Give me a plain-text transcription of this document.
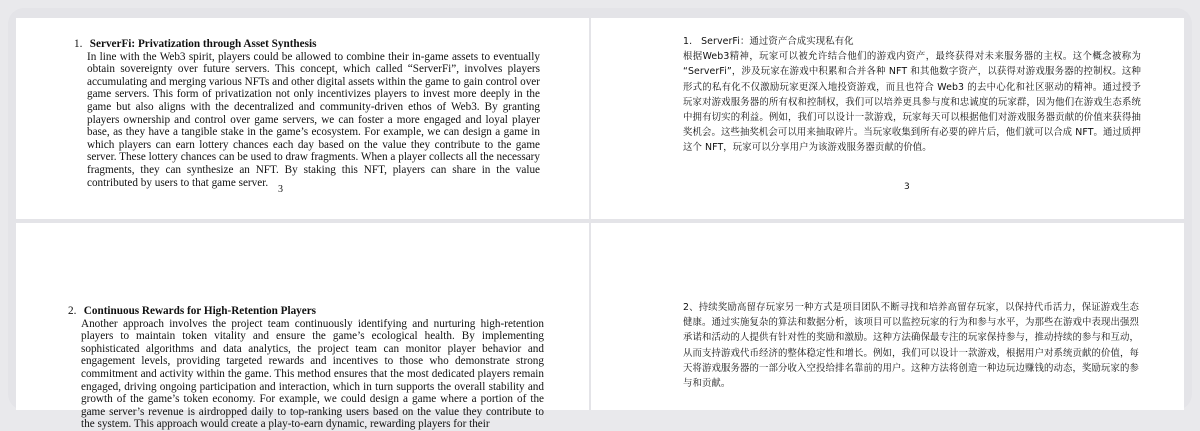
1. ServerFi: Privatization through Asset Synthesis
In line with the Web3 spirit, players could be allowed to combine their in-game assets to eventually obtain sovereignty over future servers. This concept, which called “ServerFi”, involves players accumulating and merging various NFTs and other digital assets within the game to gain control over game servers. This form of privatization not only incentivizes players to invest more deeply in the game but also aligns with the decentralized and community-driven ethos of Web3. By granting players ownership and control over game servers, we can foster a more engaged and loyal player base, as they have a tangible stake in the game’s ecosystem. For example, we can design a game in which players can earn lottery chances each day based on the value they contribute to the game server. These lottery chances can be used to draw fragments. When a player collects all the necessary fragments, they can synthesize an NFT. By staking this NFT, players can share in the value contributed by users to that game server.
3
1. ServerFi：通过资产合成实现私有化
根据Web3精神，玩家可以被允许结合他们的游戏内资产，最终获得对未来服务器的主权。这个概念被称为 “ServerFi”，涉及玩家在游戏中积累和合并各种 NFT 和其他数字资产，以获得对游戏服务器的控制权。这种形式的私有化不仅激励玩家更深入地投资游戏，而且也符合 Web3 的去中心化和社区驱动的精神。通过授予玩家对游戏服务器的所有权和控制权，我们可以培养更具参与度和忠诚度的玩家群，因为他们在游戏生态系统中拥有切实的利益。例如，我们可以设计一款游戏，玩家每天可以根据他们对游戏服务器贡献的价值来获得抽奖机会。这些抽奖机会可以用来抽取碎片。当玩家收集到所有必要的碎片后，他们就可以合成 NFT。通过质押这个 NFT，玩家可以分享用户为该游戏服务器贡献的价值。
3
2. Continuous Rewards for High-Retention Players
Another approach involves the project team continuously identifying and nurturing high-retention players to maintain token vitality and ensure the game’s ecological health. By implementing sophisticated algorithms and data analytics, the project team can monitor player behavior and engagement levels, providing targeted rewards and incentives to those who demonstrate strong commitment and activity within the game. This method ensures that the most dedicated players remain engaged, driving ongoing participation and interaction, which in turn supports the overall stability and growth of the game’s token economy. For example, we could design a game where a portion of the game server’s revenue is airdropped daily to top-ranking users based on the value they contribute to the system. This approach would create a play-to-earn dynamic, rewarding players for their
2、持续奖励高留存玩家另一种方式是项目团队不断寻找和培养高留存玩家，以保持代币活力，保证游戏生态健康。通过实施复杂的算法和数据分析，该项目可以监控玩家的行为和参与水平，为那些在游戏中表现出强烈承诺和活动的人提供有针对性的奖励和激励。这种方法确保最专注的玩家保持参与，推动持续的参与和互动，从而支持游戏代币经济的整体稳定性和增长。例如，我们可以设计一款游戏，根据用户对系统贡献的价值，每天将游戏服务器的一部分收入空投给排名靠前的用户。这种方法将创造一种边玩边赚钱的动态，奖励玩家的参与和贡献。
